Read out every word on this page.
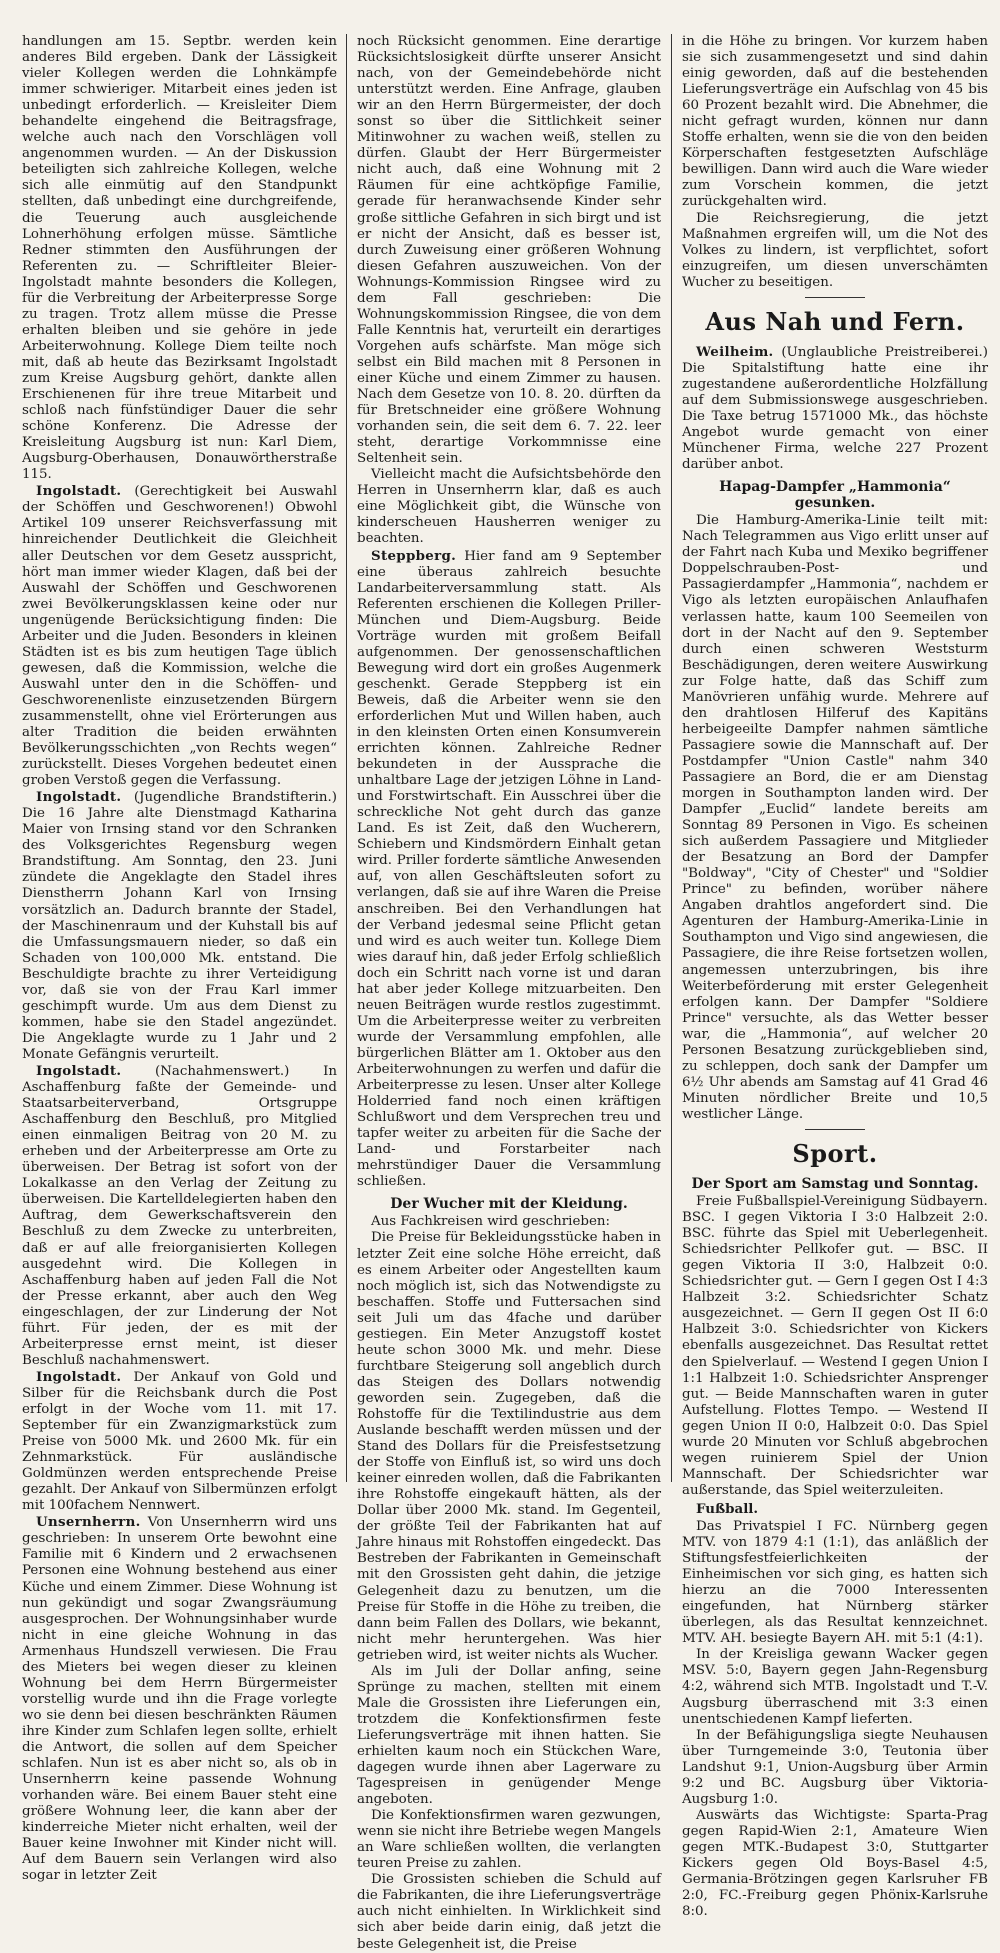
handlungen am 15. Septbr. werden kein anderes Bild ergeben. Dank der Lässigkeit vieler Kollegen werden die Lohnkämpfe immer schwieriger. Mitarbeit eines jeden ist unbedingt erforderlich. — Kreisleiter Diem behandelte eingehend die Beitragsfrage, welche auch nach den Vorschlägen voll angenommen wurden. — An der Diskussion beteiligten sich zahlreiche Kollegen, welche sich alle einmütig auf den Standpunkt stellten, daß unbedingt eine durchgreifende, die Teuerung auch ausgleichende Lohnerhöhung erfolgen müsse. Sämtliche Redner stimmten den Ausführungen der Referenten zu. — Schriftleiter Bleier-Ingolstadt mahnte besonders die Kollegen, für die Verbreitung der Arbeiterpresse Sorge zu tragen. Trotz allem müsse die Presse erhalten bleiben und sie gehöre in jede Arbeiterwohnung. Kollege Diem teilte noch mit, daß ab heute das Bezirksamt Ingolstadt zum Kreise Augsburg gehört, dankte allen Erschienenen für ihre treue Mitarbeit und schloß nach fünfstündiger Dauer die sehr schöne Konferenz. Die Adresse der Kreisleitung Augsburg ist nun: Karl Diem, Augsburg-Oberhausen, Donauwörtherstraße 115.

Ingolstadt. (Gerechtigkeit bei Auswahl der Schöffen und Geschworenen!) Obwohl Artikel 109 unserer Reichsverfassung mit hinreichender Deutlichkeit die Gleichheit aller Deutschen vor dem Gesetz ausspricht, hört man immer wieder Klagen, daß bei der Auswahl der Schöffen und Geschworenen zwei Bevölkerungsklassen keine oder nur ungenügende Berücksichtigung finden: Die Arbeiter und die Juden. Besonders in kleinen Städten ist es bis zum heutigen Tage üblich gewesen, daß die Kommission, welche die Auswahl unter den in die Schöffen- und Geschworenenliste einzusetzenden Bürgern zusammenstellt, ohne viel Erörterungen aus alter Tradition die beiden erwähnten Bevölkerungsschichten „von Rechts wegen“ zurückstellt. Dieses Vorgehen bedeutet einen groben Verstoß gegen die Verfassung.

Ingolstadt. (Jugendliche Brandstifterin.) Die 16 Jahre alte Dienstmagd Katharina Maier von Irnsing stand vor den Schranken des Volksgerichtes Regensburg wegen Brandstiftung. Am Sonntag, den 23. Juni zündete die Angeklagte den Stadel ihres Dienstherrn Johann Karl von Irnsing vorsätzlich an. Dadurch brannte der Stadel, der Maschinenraum und der Kuhstall bis auf die Umfassungsmauern nieder, so daß ein Schaden von 100,000 Mk. entstand. Die Beschuldigte brachte zu ihrer Verteidigung vor, daß sie von der Frau Karl immer geschimpft wurde. Um aus dem Dienst zu kommen, habe sie den Stadel angezündet. Die Angeklagte wurde zu 1 Jahr und 2 Monate Gefängnis verurteilt.

Ingolstadt. (Nachahmenswert.) In Aschaffenburg faßte der Gemeinde- und Staatsarbeiterverband, Ortsgruppe Aschaffenburg den Beschluß, pro Mitglied einen einmaligen Beitrag von 20 M. zu erheben und der Arbeiterpresse am Orte zu überweisen. Der Betrag ist sofort von der Lokalkasse an den Verlag der Zeitung zu überweisen. Die Kartelldelegierten haben den Auftrag, dem Gewerkschaftsverein den Beschluß zu dem Zwecke zu unterbreiten, daß er auf alle freiorganisierten Kollegen ausgedehnt wird. Die Kollegen in Aschaffenburg haben auf jeden Fall die Not der Presse erkannt, aber auch den Weg eingeschlagen, der zur Linderung der Not führt. Für jeden, der es mit der Arbeiterpresse ernst meint, ist dieser Beschluß nachahmenswert.

Ingolstadt. Der Ankauf von Gold und Silber für die Reichsbank durch die Post erfolgt in der Woche vom 11. mit 17. September für ein Zwanzigmarkstück zum Preise von 5000 Mk. und 2600 Mk. für ein Zehnmarkstück. Für ausländische Goldmünzen werden entsprechende Preise gezahlt. Der Ankauf von Silbermünzen erfolgt mit 100fachem Nennwert.

Unsernherrn. Von Unsernherrn wird uns geschrieben: In unserem Orte bewohnt eine Familie mit 6 Kindern und 2 erwachsenen Personen eine Wohnung bestehend aus einer Küche und einem Zimmer. Diese Wohnung ist nun gekündigt und sogar Zwangsräumung ausgesprochen. Der Wohnungsinhaber wurde nicht in eine gleiche Wohnung in das Armenhaus Hundszell verwiesen. Die Frau des Mieters bei wegen dieser zu kleinen Wohnung bei dem Herrn Bürgermeister vorstellig wurde und ihn die Frage vorlegte wo sie denn bei diesen beschränkten Räumen ihre Kinder zum Schlafen legen sollte, erhielt die Antwort, die sollen auf dem Speicher schlafen. Nun ist es aber nicht so, als ob in Unsernherrn keine passende Wohnung vorhanden wäre. Bei einem Bauer steht eine größere Wohnung leer, die kann aber der kinderreiche Mieter nicht erhalten, weil der Bauer keine Inwohner mit Kinder nicht will. Auf dem Bauern sein Verlangen wird also sogar in letzter Zeit

noch Rücksicht genommen. Eine derartige Rücksichtslosigkeit dürfte unserer Ansicht nach, von der Gemeindebehörde nicht unterstützt werden. Eine Anfrage, glauben wir an den Herrn Bürgermeister, der doch sonst so über die Sittlichkeit seiner Mitinwohner zu wachen weiß, stellen zu dürfen. Glaubt der Herr Bürgermeister nicht auch, daß eine Wohnung mit 2 Räumen für eine achtköpfige Familie, gerade für heranwachsende Kinder sehr große sittliche Gefahren in sich birgt und ist er nicht der Ansicht, daß es besser ist, durch Zuweisung einer größeren Wohnung diesen Gefahren auszuweichen. Von der Wohnungs-Kommission Ringsee wird zu dem Fall geschrieben: Die Wohnungskommission Ringsee, die von dem Falle Kenntnis hat, verurteilt ein derartiges Vorgehen aufs schärfste. Man möge sich selbst ein Bild machen mit 8 Personen in einer Küche und einem Zimmer zu hausen. Nach dem Gesetze von 10. 8. 20. dürften da für Bretschneider eine größere Wohnung vorhanden sein, die seit dem 6. 7. 22. leer steht, derartige Vorkommnisse eine Seltenheit sein.

Vielleicht macht die Aufsichtsbehörde den Herren in Unsernherrn klar, daß es auch eine Möglichkeit gibt, die Wünsche von kinderscheuen Hausherren weniger zu beachten.

Steppberg. Hier fand am 9 September eine überaus zahlreich besuchte Landarbeiterversammlung statt. Als Referenten erschienen die Kollegen Priller-München und Diem-Augsburg. Beide Vorträge wurden mit großem Beifall aufgenommen. Der genossenschaftlichen Bewegung wird dort ein großes Augenmerk geschenkt. Gerade Steppberg ist ein Beweis, daß die Arbeiter wenn sie den erforderlichen Mut und Willen haben, auch in den kleinsten Orten einen Konsumverein errichten können. Zahlreiche Redner bekundeten in der Aussprache die unhaltbare Lage der jetzigen Löhne in Land- und Forstwirtschaft. Ein Ausschrei über die schreckliche Not geht durch das ganze Land. Es ist Zeit, daß den Wucherern, Schiebern und Kindsmördern Einhalt getan wird. Priller forderte sämtliche Anwesenden auf, von allen Geschäftsleuten sofort zu verlangen, daß sie auf ihre Waren die Preise anschreiben. Bei den Verhandlungen hat der Verband jedesmal seine Pflicht getan und wird es auch weiter tun. Kollege Diem wies darauf hin, daß jeder Erfolg schließlich doch ein Schritt nach vorne ist und daran hat aber jeder Kollege mitzuarbeiten. Den neuen Beiträgen wurde restlos zugestimmt. Um die Arbeiterpresse weiter zu verbreiten wurde der Versammlung empfohlen, alle bürgerlichen Blätter am 1. Oktober aus den Arbeiterwohnungen zu werfen und dafür die Arbeiterpresse zu lesen. Unser alter Kollege Holderried fand noch einen kräftigen Schlußwort und dem Versprechen treu und tapfer weiter zu arbeiten für die Sache der Land- und Forstarbeiter nach mehrstündiger Dauer die Versammlung schließen.

Der Wucher mit der Kleidung.

Aus Fachkreisen wird geschrieben:

Die Preise für Bekleidungsstücke haben in letzter Zeit eine solche Höhe erreicht, daß es einem Arbeiter oder Angestellten kaum noch möglich ist, sich das Notwendigste zu beschaffen. Stoffe und Futtersachen sind seit Juli um das 4fache und darüber gestiegen. Ein Meter Anzugstoff kostet heute schon 3000 Mk. und mehr. Diese furchtbare Steigerung soll angeblich durch das Steigen des Dollars notwendig geworden sein. Zugegeben, daß die Rohstoffe für die Textilindustrie aus dem Auslande beschafft werden müssen und der Stand des Dollars für die Preisfestsetzung der Stoffe von Einfluß ist, so wird uns doch keiner einreden wollen, daß die Fabrikanten ihre Rohstoffe eingekauft hätten, als der Dollar über 2000 Mk. stand. Im Gegenteil, der größte Teil der Fabrikanten hat auf Jahre hinaus mit Rohstoffen eingedeckt. Das Bestreben der Fabrikanten in Gemeinschaft mit den Grossisten geht dahin, die jetzige Gelegenheit dazu zu benutzen, um die Preise für Stoffe in die Höhe zu treiben, die dann beim Fallen des Dollars, wie bekannt, nicht mehr heruntergehen. Was hier getrieben wird, ist weiter nichts als Wucher.

Als im Juli der Dollar anfing, seine Sprünge zu machen, stellten mit einem Male die Grossisten ihre Lieferungen ein, trotzdem die Konfektionsfirmen feste Lieferungsverträge mit ihnen hatten. Sie erhielten kaum noch ein Stückchen Ware, dagegen wurde ihnen aber Lagerware zu Tagespreisen in genügender Menge angeboten.

Die Konfektionsfirmen waren gezwungen, wenn sie nicht ihre Betriebe wegen Mangels an Ware schließen wollten, die verlangten teuren Preise zu zahlen.

Die Grossisten schieben die Schuld auf die Fabrikanten, die ihre Lieferungsverträge auch nicht einhielten. In Wirklichkeit sind sich aber beide darin einig, daß jetzt die beste Gelegenheit ist, die Preise

in die Höhe zu bringen. Vor kurzem haben sie sich zusammengesetzt und sind dahin einig geworden, daß auf die bestehenden Lieferungsverträge ein Aufschlag von 45 bis 60 Prozent bezahlt wird. Die Abnehmer, die nicht gefragt wurden, können nur dann Stoffe erhalten, wenn sie die von den beiden Körperschaften festgesetzten Aufschläge bewilligen. Dann wird auch die Ware wieder zum Vorschein kommen, die jetzt zurückgehalten wird.

Die Reichsregierung, die jetzt Maßnahmen ergreifen will, um die Not des Volkes zu lindern, ist verpflichtet, sofort einzugreifen, um diesen unverschämten Wucher zu beseitigen.

Aus Nah und Fern.

Weilheim. (Unglaubliche Preistreiberei.) Die Spitalstiftung hatte eine ihr zugestandene außerordentliche Holzfällung auf dem Submissionswege ausgeschrieben. Die Taxe betrug 1571000 Mk., das höchste Angebot wurde gemacht von einer Münchener Firma, welche 227 Prozent darüber anbot.

Hapag-Dampfer „Hammonia“ gesunken.

Die Hamburg-Amerika-Linie teilt mit: Nach Telegrammen aus Vigo erlitt unser auf der Fahrt nach Kuba und Mexiko begriffener Doppelschrauben-Post- und Passagierdampfer „Hammonia“, nachdem er Vigo als letzten europäischen Anlaufhafen verlassen hatte, kaum 100 Seemeilen von dort in der Nacht auf den 9. September durch einen schweren Weststurm Beschädigungen, deren weitere Auswirkung zur Folge hatte, daß das Schiff zum Manövrieren unfähig wurde. Mehrere auf den drahtlosen Hilferuf des Kapitäns herbeigeeilte Dampfer nahmen sämtliche Passagiere sowie die Mannschaft auf. Der Postdampfer "Union Castle" nahm 340 Passagiere an Bord, die er am Dienstag morgen in Southampton landen wird. Der Dampfer „Euclid“ landete bereits am Sonntag 89 Personen in Vigo. Es scheinen sich außerdem Passagiere und Mitglieder der Besatzung an Bord der Dampfer "Boldway", "City of Chester" und "Soldier Prince" zu befinden, worüber nähere Angaben drahtlos angefordert sind. Die Agenturen der Hamburg-Amerika-Linie in Southampton und Vigo sind angewiesen, die Passagiere, die ihre Reise fortsetzen wollen, angemessen unterzubringen, bis ihre Weiterbeförderung mit erster Gelegenheit erfolgen kann. Der Dampfer "Soldiere Prince" versuchte, als das Wetter besser war, die „Hammonia“, auf welcher 20 Personen Besatzung zurückgeblieben sind, zu schleppen, doch sank der Dampfer um 6½ Uhr abends am Samstag auf 41 Grad 46 Minuten nördlicher Breite und 10,5 westlicher Länge.

Sport.
Der Sport am Samstag und Sonntag.

Freie Fußballspiel-Vereinigung Südbayern.

BSC. I gegen Viktoria I 3:0 Halbzeit 2:0. BSC. führte das Spiel mit Ueberlegenheit. Schiedsrichter Pellkofer gut. — BSC. II gegen Viktoria II 3:0, Halbzeit 0:0. Schiedsrichter gut. — Gern I gegen Ost I 4:3 Halbzeit 3:2. Schiedsrichter Schatz ausgezeichnet. — Gern II gegen Ost II 6:0 Halbzeit 3:0. Schiedsrichter von Kickers ebenfalls ausgezeichnet. Das Resultat rettet den Spielverlauf. — Westend I gegen Union I 1:1 Halbzeit 1:0. Schiedsrichter Ansprenger gut. — Beide Mannschaften waren in guter Aufstellung. Flottes Tempo. — Westend II gegen Union II 0:0, Halbzeit 0:0. Das Spiel wurde 20 Minuten vor Schluß abgebrochen wegen ruinierem Spiel der Union Mannschaft. Der Schiedsrichter war außerstande, das Spiel weiterzuleiten.

Fußball.

Das Privatspiel I FC. Nürnberg gegen MTV. von 1879 4:1 (1:1), das anläßlich der Stiftungsfestfeierlichkeiten der Einheimischen vor sich ging, es hatten sich hierzu an die 7000 Interessenten eingefunden, hat Nürnberg stärker überlegen, als das Resultat kennzeichnet. MTV. AH. besiegte Bayern AH. mit 5:1 (4:1).

In der Kreisliga gewann Wacker gegen MSV. 5:0, Bayern gegen Jahn-Regensburg 4:2, während sich MTB. Ingolstadt und T.-V. Augsburg überraschend mit 3:3 einen unentschiedenen Kampf lieferten.

In der Befähigungsliga siegte Neuhausen über Turngemeinde 3:0, Teutonia über Landshut 9:1, Union-Augsburg über Armin 9:2 und BC. Augsburg über Viktoria-Augsburg 1:0.

Auswärts das Wichtigste: Sparta-Prag gegen Rapid-Wien 2:1, Amateure Wien gegen MTK.-Budapest 3:0, Stuttgarter Kickers gegen Old Boys-Basel 4:5, Germania-Brötzingen gegen Karlsruher FB 2:0, FC.-Freiburg gegen Phönix-Karlsruhe 8:0.
